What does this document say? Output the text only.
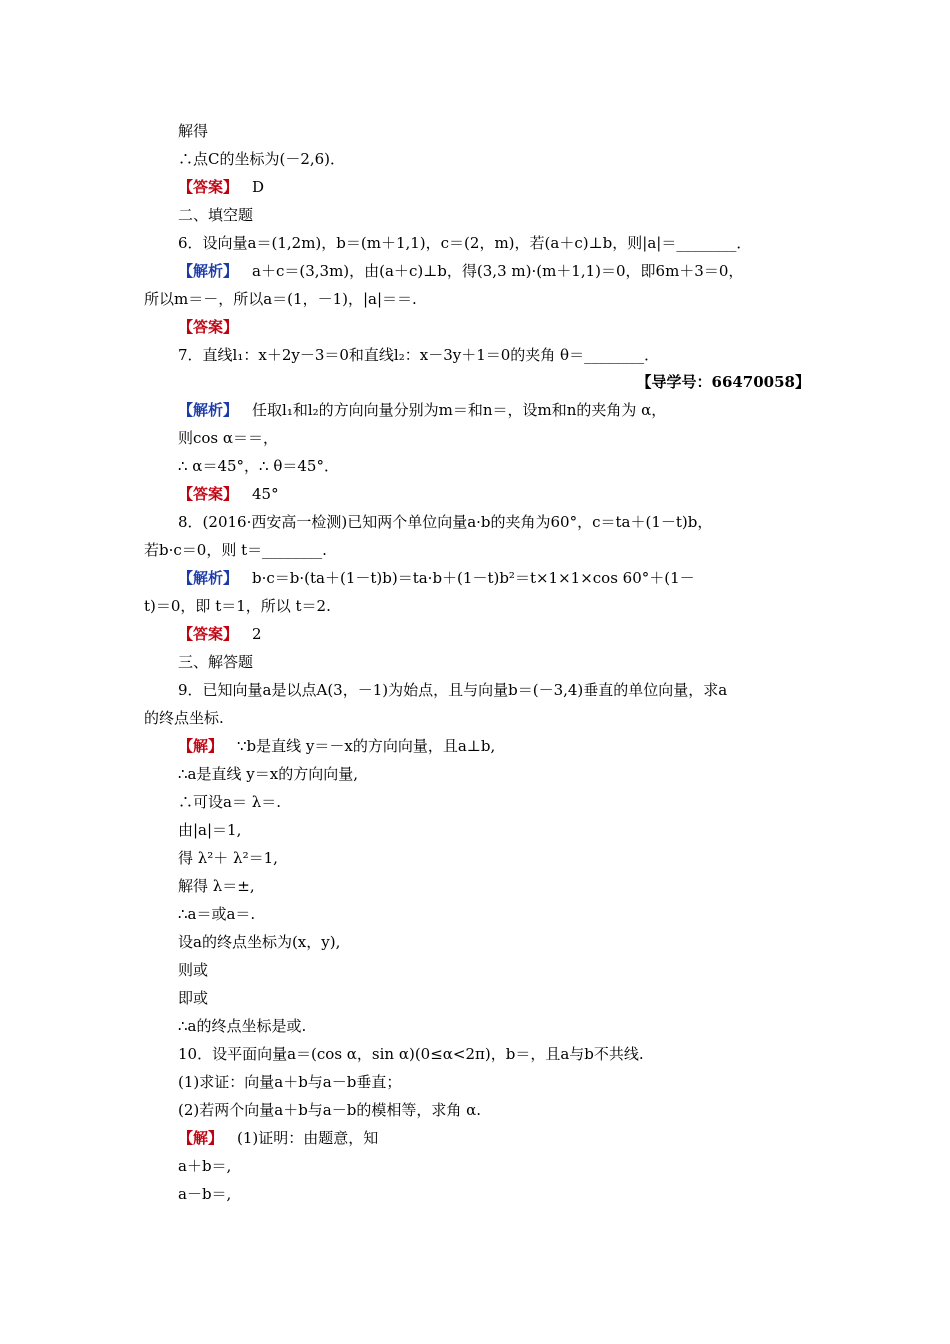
解得
∴点C的坐标为(－2,6)．
【答案】 D
二、填空题
6．设向量a＝(1,2m)，b＝(m＋1,1)，c＝(2，m)，若(a＋c)⊥b，则|a|＝________．
【解析】 a＋c＝(3,3m)，由(a＋c)⊥b，得(3,3 m)·(m＋1,1)＝0，即6m＋3＝0，
所以m＝－，所以a＝(1，－1)，|a|＝＝.
【答案】
7．直线l₁：x＋2y－3＝0和直线l₂：x－3y＋1＝0的夹角 θ＝________．
【导学号：66470058】
【解析】 任取l₁和l₂的方向向量分别为m＝和n＝，设m和n的夹角为 α，
则cos α＝＝，
∴ α＝45°，∴ θ＝45°．
【答案】 45°
8．(2016·西安高一检测)已知两个单位向量a·b的夹角为60°，c＝ta＋(1－t)b，
若b·c＝0，则 t＝________.
【解析】 b·c＝b·(ta＋(1－t)b)＝ta·b＋(1－t)b²＝t×1×1×cos 60°＋(1－
t)＝0，即 t＝1，所以 t＝2.
【答案】 2
三、解答题
9．已知向量a是以点A(3，－1)为始点，且与向量b＝(－3,4)垂直的单位向量，求a
的终点坐标.
【解】 ∵b是直线 y＝－x的方向向量，且a⊥b,
∴a是直线 y＝x的方向向量,
∴可设a＝ λ＝.
由|a|＝1,
得 λ²＋ λ²＝1,
解得 λ＝±,
∴a＝或a＝.
设a的终点坐标为(x，y),
则或
即或
∴a的终点坐标是或.
10．设平面向量a＝(cos α，sin α)(0≤α<2π)，b＝，且a与b不共线.
(1)求证：向量a＋b与a－b垂直；
(2)若两个向量a＋b与a－b的模相等，求角 α.
【解】 (1)证明：由题意，知
a＋b＝,
a－b＝,
